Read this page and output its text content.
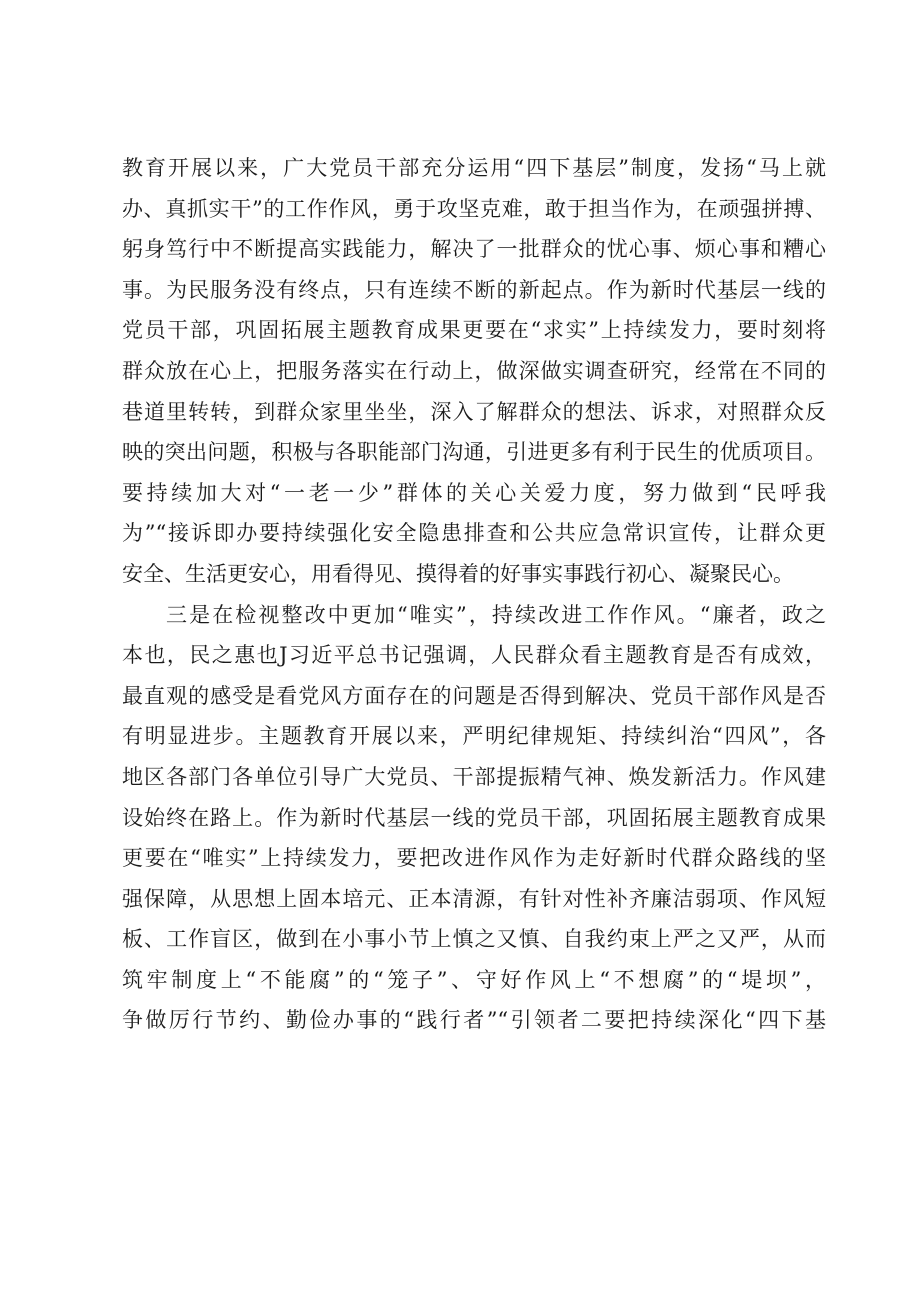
教育开展以来，广大党员干部充分运用“四下基层”制度，发扬“马上就
办、真抓实干”的工作作风，勇于攻坚克难，敢于担当作为，在顽强拼搏、
躬身笃行中不断提高实践能力，解决了一批群众的忧心事、烦心事和糟心
事。为民服务没有终点，只有连续不断的新起点。作为新时代基层一线的
党员干部，巩固拓展主题教育成果更要在“求实”上持续发力，要时刻将
群众放在心上，把服务落实在行动上，做深做实调查研究，经常在不同的
巷道里转转，到群众家里坐坐，深入了解群众的想法、诉求，对照群众反
映的突出问题，积极与各职能部门沟通，引进更多有利于民生的优质项目。
要持续加大对“一老一少”群体的关心关爱力度，努力做到“民呼我
为”“接诉即办要持续强化安全隐患排查和公共应急常识宣传，让群众更
安全、生活更安心，用看得见、摸得着的好事实事践行初心、凝聚民心。
三是在检视整改中更加“唯实”，持续改进工作作风。“廉者，政之
本也，民之惠也J习近平总书记强调，人民群众看主题教育是否有成效，
最直观的感受是看党风方面存在的问题是否得到解决、党员干部作风是否
有明显进步。主题教育开展以来，严明纪律规矩、持续纠治“四风”，各
地区各部门各单位引导广大党员、干部提振精气神、焕发新活力。作风建
设始终在路上。作为新时代基层一线的党员干部，巩固拓展主题教育成果
更要在“唯实”上持续发力，要把改进作风作为走好新时代群众路线的坚
强保障，从思想上固本培元、正本清源，有针对性补齐廉洁弱项、作风短
板、工作盲区，做到在小事小节上慎之又慎、自我约束上严之又严，从而
筑牢制度上“不能腐”的“笼子”、守好作风上“不想腐”的“堤坝”，
争做厉行节约、勤俭办事的“践行者”“引领者二要把持续深化“四下基
